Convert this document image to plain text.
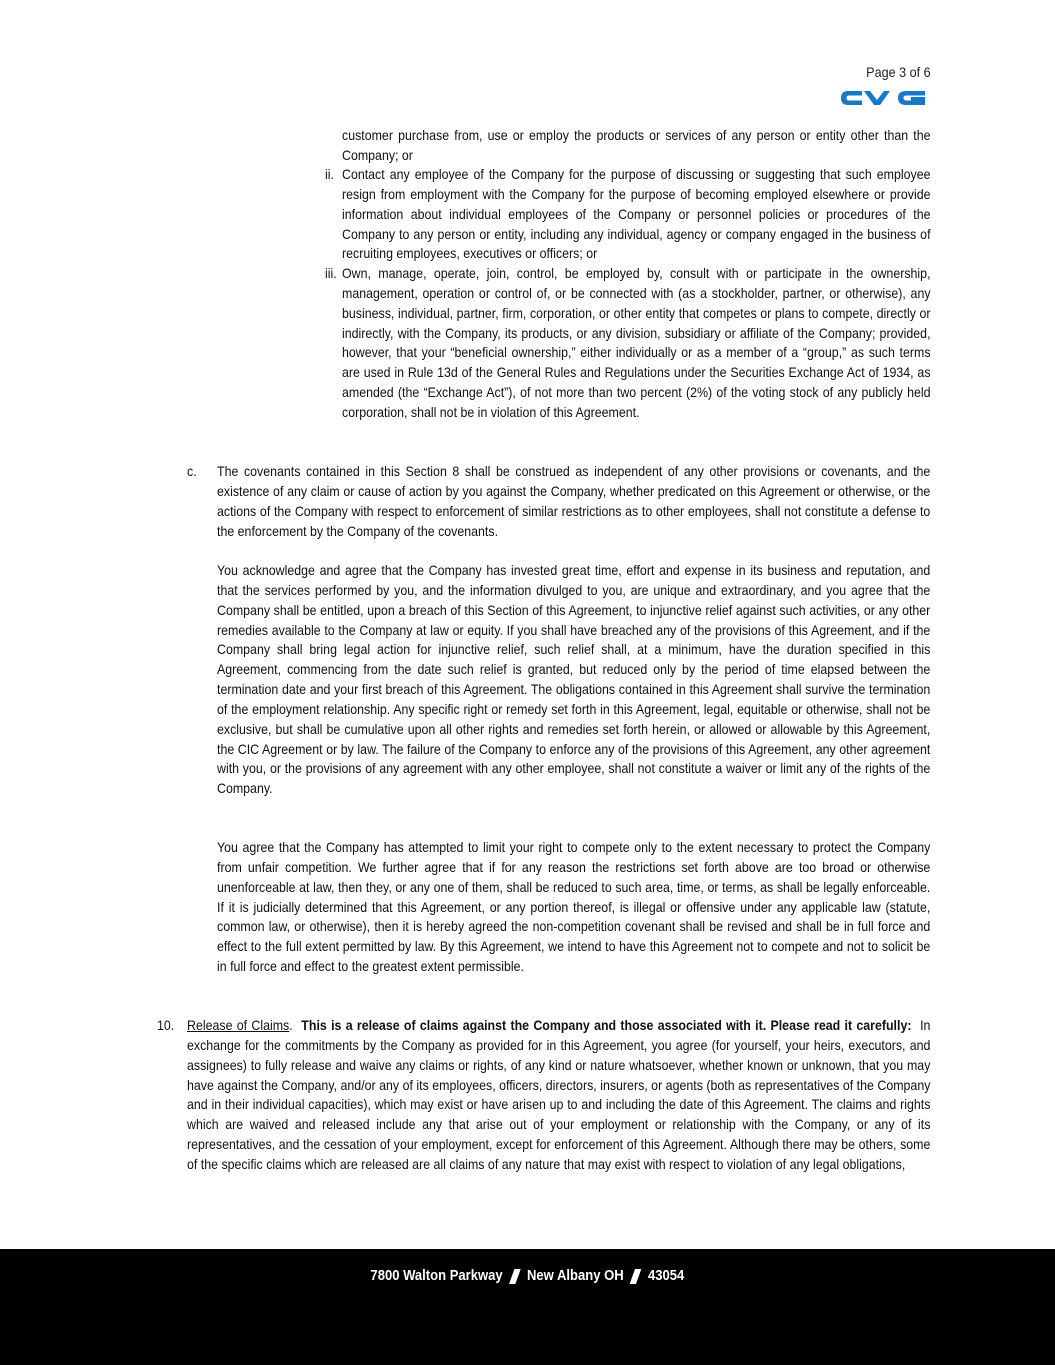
Page 3 of 6
customer purchase from, use or employ the products or services of any person or entity other than the Company; or
ii. Contact any employee of the Company for the purpose of discussing or suggesting that such employee resign from employment with the Company for the purpose of becoming employed elsewhere or provide information about individual employees of the Company or personnel policies or procedures of the Company to any person or entity, including any individual, agency or company engaged in the business of recruiting employees, executives or officers; or
iii. Own, manage, operate, join, control, be employed by, consult with or participate in the ownership, management, operation or control of, or be connected with (as a stockholder, partner, or otherwise), any business, individual, partner, firm, corporation, or other entity that competes or plans to compete, directly or indirectly, with the Company, its products, or any division, subsidiary or affiliate of the Company; provided, however, that your “beneficial ownership,” either individually or as a member of a “group,” as such terms are used in Rule 13d of the General Rules and Regulations under the Securities Exchange Act of 1934, as amended (the “Exchange Act”), of not more than two percent (2%) of the voting stock of any publicly held corporation, shall not be in violation of this Agreement.
c. The covenants contained in this Section 8 shall be construed as independent of any other provisions or covenants, and the existence of any claim or cause of action by you against the Company, whether predicated on this Agreement or otherwise, or the actions of the Company with respect to enforcement of similar restrictions as to other employees, shall not constitute a defense to the enforcement by the Company of the covenants.
You acknowledge and agree that the Company has invested great time, effort and expense in its business and reputation, and that the services performed by you, and the information divulged to you, are unique and extraordinary, and you agree that the Company shall be entitled, upon a breach of this Section of this Agreement, to injunctive relief against such activities, or any other remedies available to the Company at law or equity. If you shall have breached any of the provisions of this Agreement, and if the Company shall bring legal action for injunctive relief, such relief shall, at a minimum, have the duration specified in this Agreement, commencing from the date such relief is granted, but reduced only by the period of time elapsed between the termination date and your first breach of this Agreement. The obligations contained in this Agreement shall survive the termination of the employment relationship. Any specific right or remedy set forth in this Agreement, legal, equitable or otherwise, shall not be exclusive, but shall be cumulative upon all other rights and remedies set forth herein, or allowed or allowable by this Agreement, the CIC Agreement or by law. The failure of the Company to enforce any of the provisions of this Agreement, any other agreement with you, or the provisions of any agreement with any other employee, shall not constitute a waiver or limit any of the rights of the Company.
You agree that the Company has attempted to limit your right to compete only to the extent necessary to protect the Company from unfair competition. We further agree that if for any reason the restrictions set forth above are too broad or otherwise unenforceable at law, then they, or any one of them, shall be reduced to such area, time, or terms, as shall be legally enforceable. If it is judicially determined that this Agreement, or any portion thereof, is illegal or offensive under any applicable law (statute, common law, or otherwise), then it is hereby agreed the non-competition covenant shall be revised and shall be in full force and effect to the full extent permitted by law. By this Agreement, we intend to have this Agreement not to compete and not to solicit be in full force and effect to the greatest extent permissible.
10. Release of Claims. This is a release of claims against the Company and those associated with it. Please read it carefully: In exchange for the commitments by the Company as provided for in this Agreement, you agree (for yourself, your heirs, executors, and assignees) to fully release and waive any claims or rights, of any kind or nature whatsoever, whether known or unknown, that you may have against the Company, and/or any of its employees, officers, directors, insurers, or agents (both as representatives of the Company and in their individual capacities), which may exist or have arisen up to and including the date of this Agreement. The claims and rights which are waived and released include any that arise out of your employment or relationship with the Company, or any of its representatives, and the cessation of your employment, except for enforcement of this Agreement. Although there may be others, some of the specific claims which are released are all claims of any nature that may exist with respect to violation of any legal obligations,
7800 Walton Parkway New Albany OH 43054
